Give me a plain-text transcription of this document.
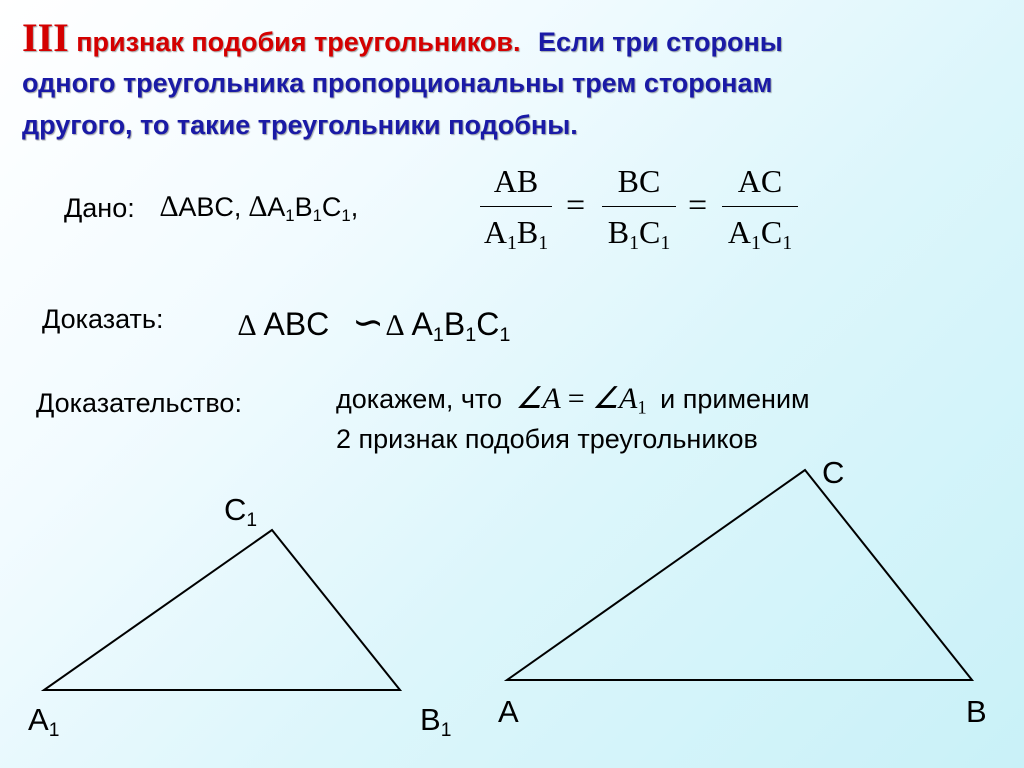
III признак подобия треугольников. Если три стороны
одного треугольника пропорциональны трем сторонам
другого, то такие треугольники подобны.
Дано: ∆ABC, $\Delta A_1B_1C_1$,
AB
$A_1B_1$
=
BC
$B_1C_1$
=
AC
$A_1C_1$
Доказать: ∆ ABC ∽∆ $A_1B_1C_1$
Доказательство:	докажем, что ∠A = $\angle A_1$ и применим
2 признак подобия треугольников
$C_1$
$A_1$	$B_1$
C
A	B
